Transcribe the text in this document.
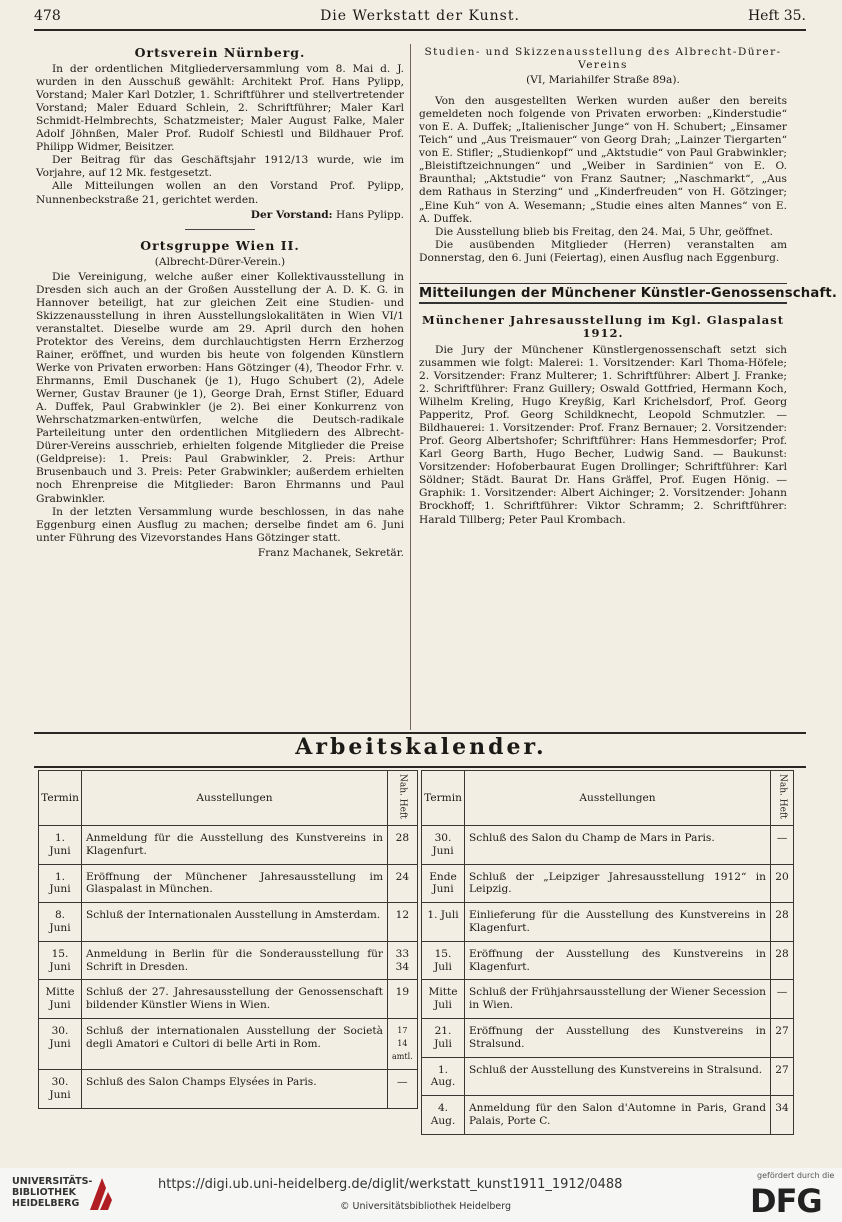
478	Die Werkstatt der Kunst.	Heft 35.

Ortsverein Nürnberg.

In der ordentlichen Mitgliederversammlung vom 8. Mai d. J. wurden in den Ausschuß gewählt: Architekt Prof. Hans Pylipp, Vorstand; Maler Karl Dotzler, 1. Schriftführer und stellvertretender Vorstand; Maler Eduard Schlein, 2. Schriftführer; Maler Karl Schmidt-Helmbrechts, Schatzmeister; Maler August Falke, Maler Adolf Jöhnßen, Maler Prof. Rudolf Schiestl und Bildhauer Prof. Philipp Widmer, Beisitzer.

Der Beitrag für das Geschäftsjahr 1912/13 wurde, wie im Vorjahre, auf 12 Mk. festgesetzt.

Alle Mitteilungen wollen an den Vorstand Prof. Pylipp, Nunnenbeckstraße 21, gerichtet werden.

Der Vorstand: Hans Pylipp.

Ortsgruppe Wien II.

(Albrecht-Dürer-Verein.)

Die Vereinigung, welche außer einer Kollektivausstellung in Dresden sich auch an der Großen Ausstellung der A. D. K. G. in Hannover beteiligt, hat zur gleichen Zeit eine Studien- und Skizzenausstellung in ihren Ausstellungslokalitäten in Wien VI/1 veranstaltet. Dieselbe wurde am 29. April durch den hohen Protektor des Vereins, dem durchlauchtigsten Herrn Erzherzog Rainer, eröffnet, und wurden bis heute von folgenden Künstlern Werke von Privaten erworben: Hans Götzinger (4), Theodor Frhr. v. Ehrmanns, Emil Duschanek (je 1), Hugo Schubert (2), Adele Werner, Gustav Brauner (je 1), George Drah, Ernst Stifler, Eduard A. Duffek, Paul Grabwinkler (je 2). Bei einer Konkurrenz von Wehrschatzmarken-entwürfen, welche die Deutsch-radikale Parteileitung unter den ordentlichen Mitgliedern des Albrecht-Dürer-Vereins ausschrieb, erhielten folgende Mitglieder die Preise (Geldpreise): 1. Preis: Paul Grabwinkler, 2. Preis: Arthur Brusenbauch und 3. Preis: Peter Grabwinkler; außerdem erhielten noch Ehrenpreise die Mitglieder: Baron Ehrmanns und Paul Grabwinkler.

In der letzten Versammlung wurde beschlossen, in das nahe Eggenburg einen Ausflug zu machen; derselbe findet am 6. Juni unter Führung des Vizevorstandes Hans Götzinger statt.

Franz Machanek, Sekretär.

Studien- und Skizzenausstellung des Albrecht-Dürer-Vereins

(VI, Mariahilfer Straße 89a).

Von den ausgestellten Werken wurden außer den bereits gemeldeten noch folgende von Privaten erworben: „Kinderstudie“ von E. A. Duffek; „Italienischer Junge“ von H. Schubert; „Einsamer Teich“ und „Aus Treismauer“ von Georg Drah; „Lainzer Tiergarten“ von E. Stifler; „Studienkopf“ und „Aktstudie“ von Paul Grabwinkler; „Bleistiftzeichnungen“ und „Weiber in Sardinien“ von E. O. Braunthal; „Aktstudie“ von Franz Sautner; „Naschmarkt“, „Aus dem Rathaus in Sterzing“ und „Kinderfreuden“ von H. Götzinger; „Eine Kuh“ von A. Wesemann; „Studie eines alten Mannes“ von E. A. Duffek.

Die Ausstellung blieb bis Freitag, den 24. Mai, 5 Uhr, geöffnet.

Die ausübenden Mitglieder (Herren) veranstalten am Donnerstag, den 6. Juni (Feiertag), einen Ausflug nach Eggenburg.

Mitteilungen der Münchener Künstler-Genossenschaft.

Münchener Jahresausstellung im Kgl. Glaspalast 1912.

Die Jury der Münchener Künstlergenossenschaft setzt sich zusammen wie folgt: Malerei: 1. Vorsitzender: Karl Thoma-Höfele; 2. Vorsitzender: Franz Multerer; 1. Schriftführer: Albert J. Franke; 2. Schriftführer: Franz Guillery; Oswald Gottfried, Hermann Koch, Wilhelm Kreling, Hugo Kreyßig, Karl Krichelsdorf, Prof. Georg Papperitz, Prof. Georg Schildknecht, Leopold Schmutzler. — Bildhauerei: 1. Vorsitzender: Prof. Franz Bernauer; 2. Vorsitzender: Prof. Georg Albertshofer; Schriftführer: Hans Hemmesdorfer; Prof. Karl Georg Barth, Hugo Becher, Ludwig Sand. — Baukunst: Vorsitzender: Hofoberbaurat Eugen Drollinger; Schriftführer: Karl Söldner; Städt. Baurat Dr. Hans Gräffel, Prof. Eugen Hönig. — Graphik: 1. Vorsitzender: Albert Aichinger; 2. Vorsitzender: Johann Brockhoff; 1. Schriftführer: Viktor Schramm; 2. Schriftführer: Harald Tillberg; Peter Paul Krombach.

Arbeitskalender.
Termin	Ausstellungen	Nah. Heft
1. Juni	Anmeldung für die Ausstellung des Kunstvereins in Klagenfurt.	28
1. Juni	Eröffnung der Münchener Jahresausstellung im Glaspalast in München.	24
8. Juni	Schluß der Internationalen Ausstellung in Amsterdam.	12
15. Juni	Anmeldung in Berlin für die Sonderausstellung für Schrift in Dresden.	33 34
Mitte Juni	Schluß der 27. Jahresausstellung der Genossenschaft bildender Künstler Wiens in Wien.	19
30. Juni	Schluß der internationalen Ausstellung der Società degli Amatori e Cultori di belle Arti in Rom.	17 14 amtl.
30. Juni	Schluß des Salon Champs Elysées in Paris.	—
Termin	Ausstellungen	Nah. Heft
30. Juni	Schluß des Salon du Champ de Mars in Paris.	—
Ende Juni	Schluß der „Leipziger Jahresausstellung 1912“ in Leipzig.	20
1. Juli	Einlieferung für die Ausstellung des Kunstvereins in Klagenfurt.	28
15. Juli	Eröffnung der Ausstellung des Kunstvereins in Klagenfurt.	28
Mitte Juli	Schluß der Frühjahrsausstellung der Wiener Secession in Wien.	—
21. Juli	Eröffnung der Ausstellung des Kunstvereins in Stralsund.	27
1. Aug.	Schluß der Ausstellung des Kunstvereins in Stralsund.	27
4. Aug.	Anmeldung für den Salon d'Automne in Paris, Grand Palais, Porte C.	34
UNIVERSITÄTS-
BIBLIOTHEK
HEIDELBERG
https://digi.ub.uni-heidelberg.de/diglit/werkstatt_kunst1911_1912/0488
© Universitätsbibliothek Heidelberg
gefördert durch die
DFG
